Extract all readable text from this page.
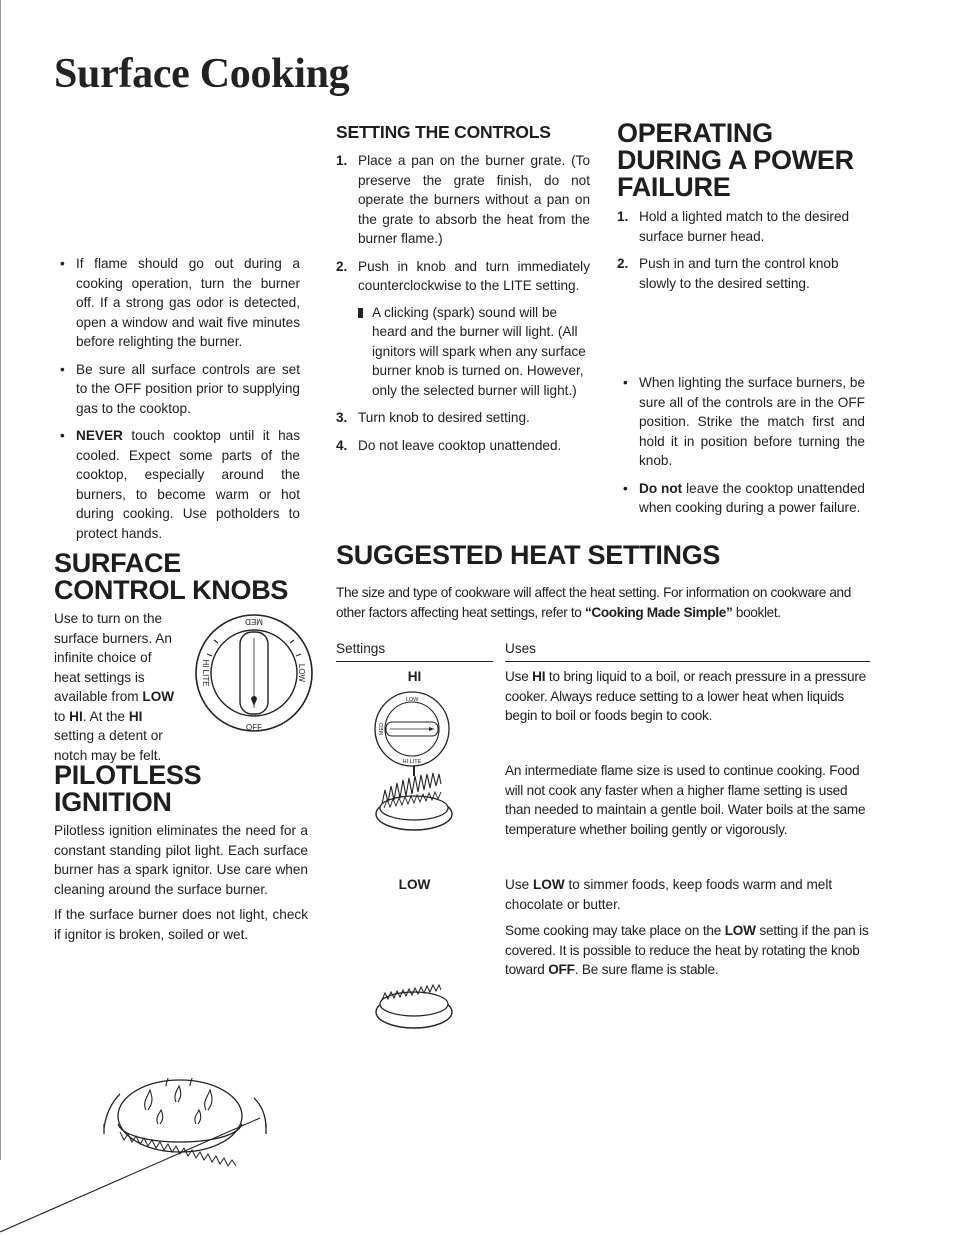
Surface Cooking
• If flame should go out during a cooking operation, turn the burner off. If a strong gas odor is detected, open a window and wait five minutes before relighting the burner.
• Be sure all surface controls are set to the OFF position prior to supplying gas to the cooktop.
• NEVER touch cooktop until it has cooled. Expect some parts of the cooktop, especially around the burners, to become warm or hot during cooking. Use potholders to protect hands.
SETTING THE CONTROLS
1. Place a pan on the burner grate. (To preserve the grate finish, do not operate the burners without a pan on the grate to absorb the heat from the burner flame.)
2. Push in knob and turn immediately counterclockwise to the LITE setting.

A clicking (spark) sound will be heard and the burner will light. (All ignitors will spark when any surface burner knob is turned on. However, only the selected burner will light.)

3. Turn knob to desired setting.
4. Do not leave cooktop unattended.
OPERATING
DURING A POWER
FAILURE
1. Hold a lighted match to the desired surface burner head.
2. Push in and turn the control knob slowly to the desired setting.
• When lighting the surface burners, be sure all of the controls are in the OFF position. Strike the match first and hold it in position before turning the knob.
• Do not leave the cooktop unattended when cooking during a power failure.
SURFACE
CONTROL KNOBS

Use to turn on the surface burners. An infinite choice of heat settings is available from LOW to HI. At the HI setting a detent or notch may be felt.

MED
LOW
OFF
HI LITE
PILOTLESS
IGNITION

Pilotless ignition eliminates the need for a constant standing pilot light. Each surface burner has a spark ignitor. Use care when cleaning around the surface burner.

If the surface burner does not light, check if ignitor is broken, soiled or wet.

SUGGESTED HEAT SETTINGS

The size and type of cookware will affect the heat setting. For information on cookware and other factors affecting heat settings, refer to “Cooking Made Simple” booklet.

Settings	Uses
HI	Use HI to bring liquid to a boil, or reach pressure in a pressure cooker. Always reduce setting to a lower heat when liquids begin to boil or foods begin to cook.

LOW
MED
HI LITE

An intermediate flame size is used to continue cooking. Food will not cook any faster when a higher flame setting is used than needed to maintain a gentle boil. Water boils at the same temperature whether boiling gently or vigorously.

LOW	Use LOW to simmer foods, keep foods warm and melt chocolate or butter.

Some cooking may take place on the LOW setting if the pan is covered. It is possible to reduce the heat by rotating the knob toward OFF. Be sure flame is stable.
